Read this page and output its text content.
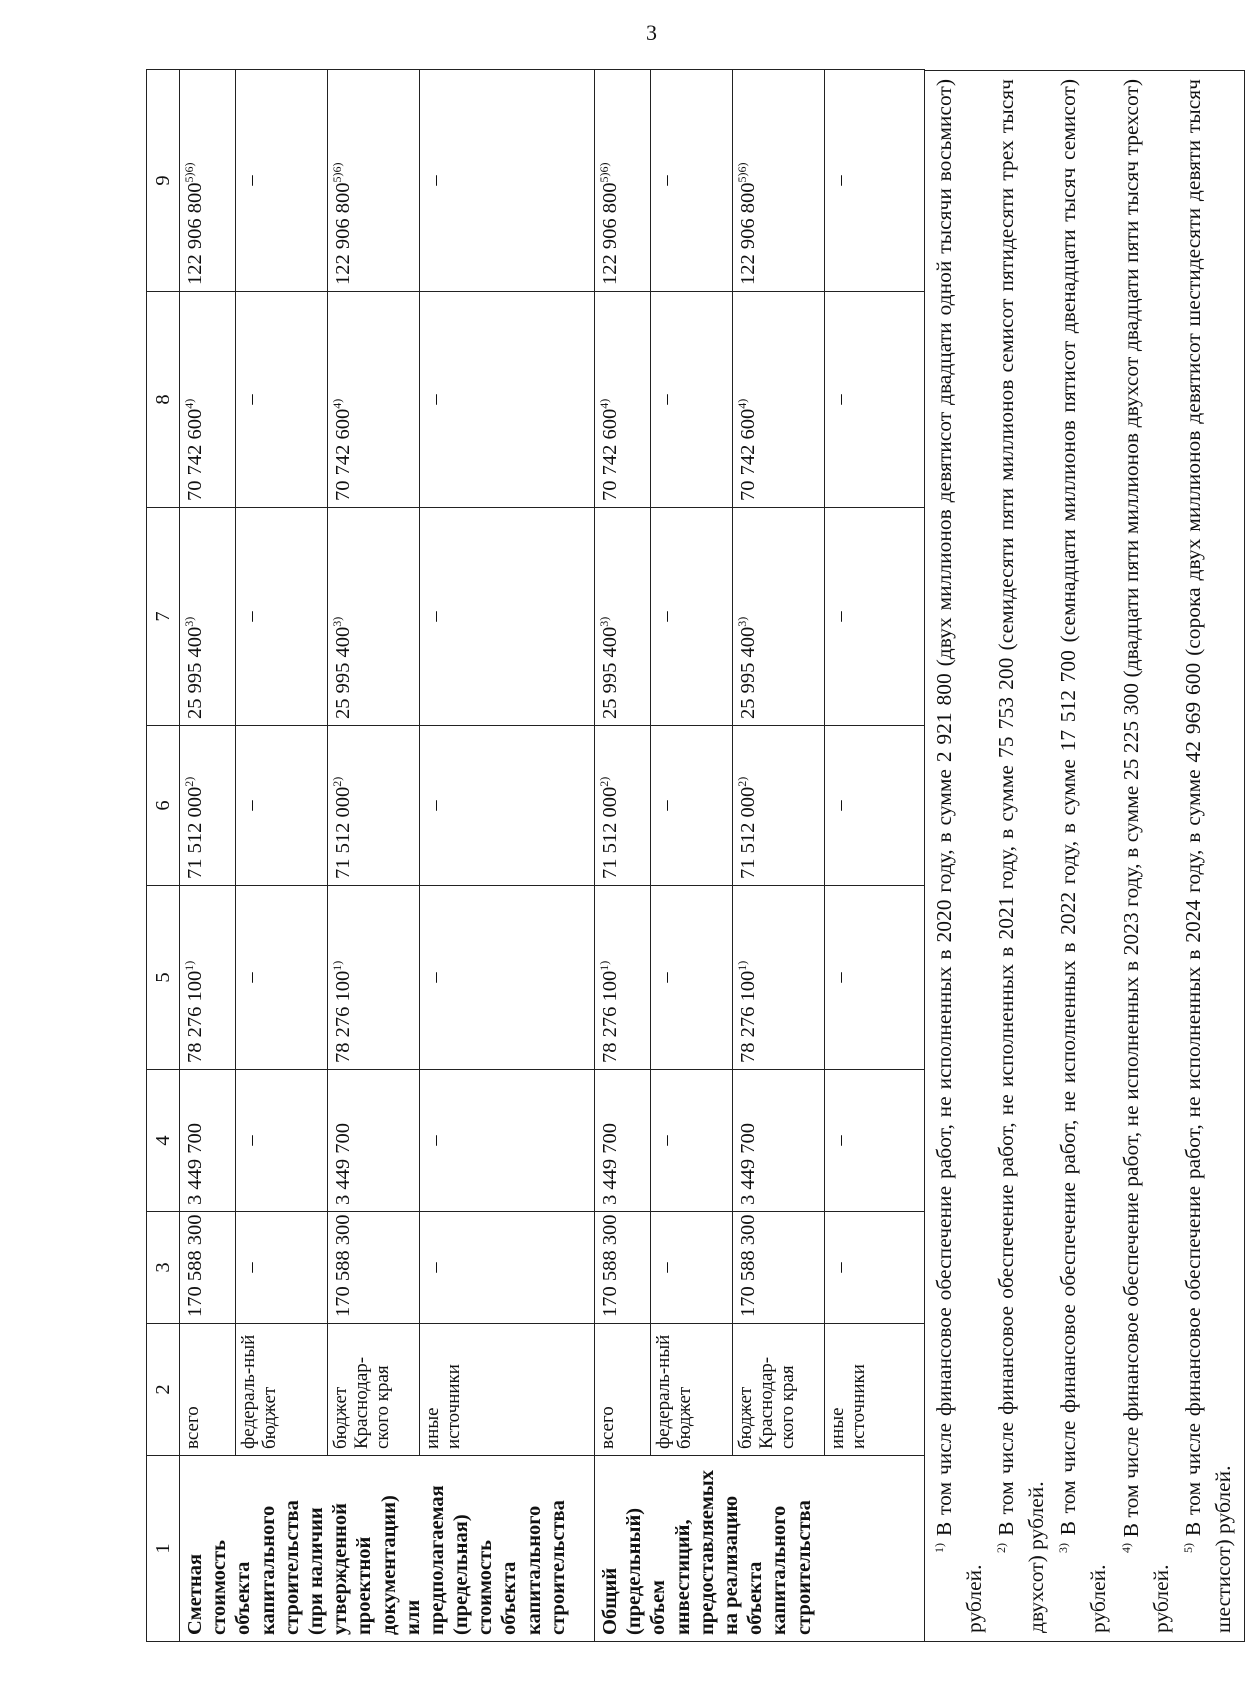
3
1	2	3	4	5	6	7	8	9
Сметная стоимость объекта капитального строительства (при наличии утвержденной проектной документации) или предполагаемая (предельная) стоимость объекта капитального строительства	всего	170 588 300	3 449 700	78 276 100$^{1)}$	71 512 000$^{2)}$	25 995 400$^{3)}$	70 742 600$^{4)}$	122 906 $800^{5)6)}$
	федераль-ный бюджет	–	–	–	–	–	–	–
	бюджет Краснодар-ского края	170 588 300	3 449 700	78 276 100$^{1)}$	71 512 000$^{2)}$	25 995 400$^{3)}$	70 742 600$^{4)}$	122 906 $800^{5)6)}$
	иные источники	–	–	–	–	–	–	–
Общий (предельный) объем инвестиций, предоставляемых на реализацию объекта капитального строительства	всего	170 588 300	3 449 700	78 276 100$^{1)}$	71 512 000$^{2)}$	25 995 400$^{3)}$	70 742 600$^{4)}$	122 906 $800^{5)6)}$
	федераль-ный бюджет	–	–	–	–	–	–	–
	бюджет Краснодар-ского края	170 588 300	3 449 700	78 276 100$^{1)}$	71 512 000$^{2)}$	25 995 400$^{3)}$	70 742 600$^{4)}$	122 906 $800^{5)6)}$
	иные источники	–	–	–	–	–	–	–

$^{1)}$ В том числе финансовое обеспечение работ, не исполненных в 2020 году, в сумме 2 921 800 (двух миллионов девятисот двадцати одной тысячи восьмисот) рублей.

$^{2)}$ В том числе финансовое обеспечение работ, не исполненных в 2021 году, в сумме 75 753 200 (семидесяти пяти миллионов семисот пятидесяти трех тысяч двухсот) рублей. $^{3)}$ В том числе финансовое обеспечение работ, не исполненных в 2022 году, в сумме 17 512 700 (семнадцати миллионов пятисот двенадцати тысяч семисот) рублей.

$^{4)}$ В том числе финансовое обеспечение работ, не исполненных в 2023 году, в сумме 25 225 300 (двадцати пяти миллионов двухсот двадцати пяти тысяч трехсот) рублей.

$^{5)}$ В том числе финансовое обеспечение работ, не исполненных в 2024 году, в сумме 42 969 600 (сорока двух миллионов девятисот шестидесяти девяти тысяч шестисот) рублей.
